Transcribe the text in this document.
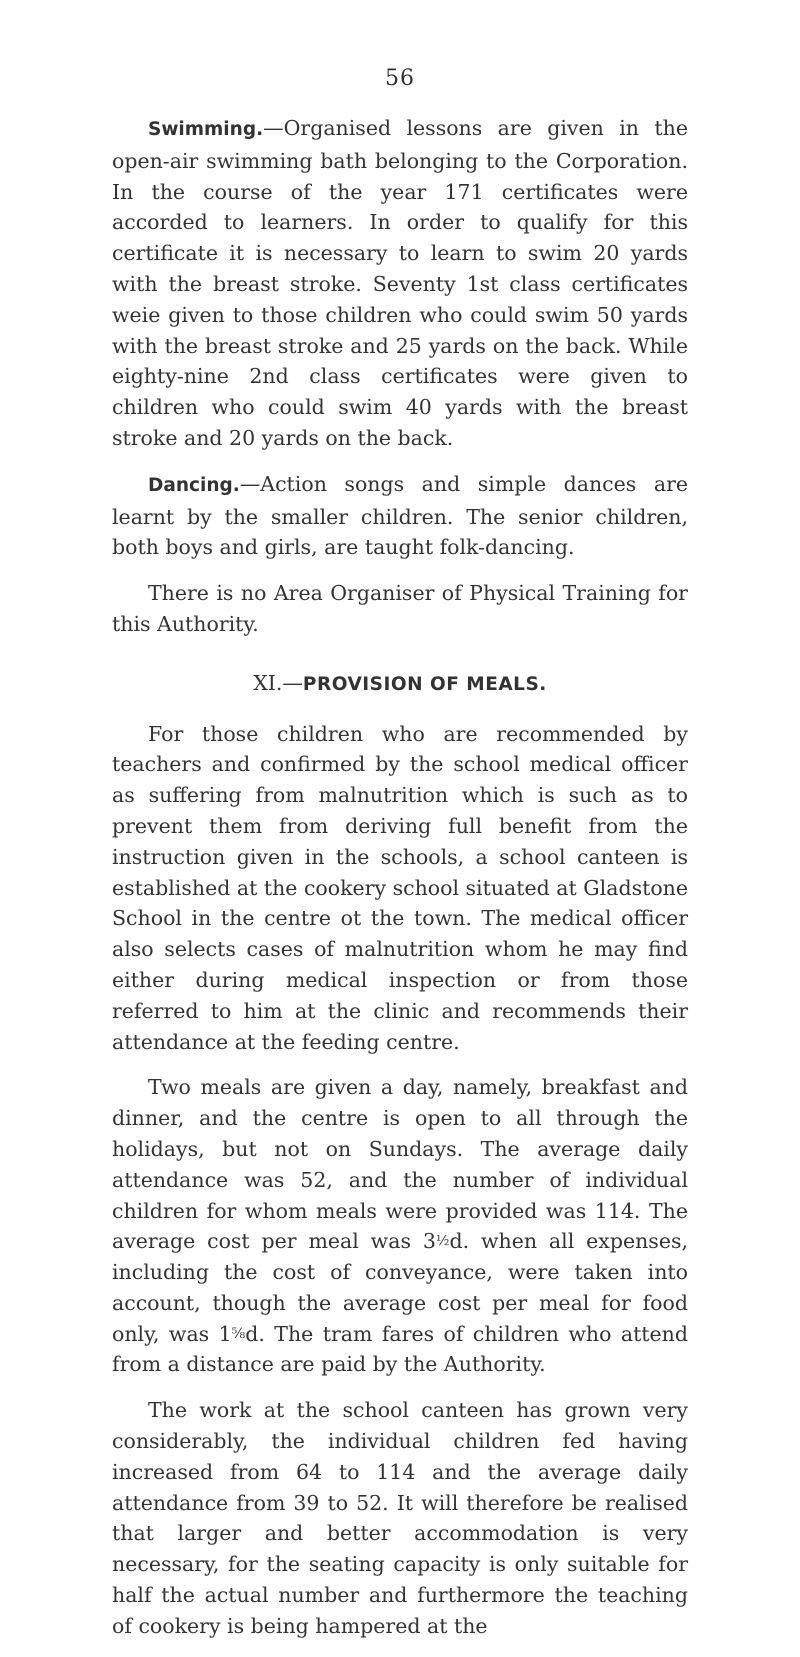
56

Swimming.—Organised lessons are given in the open-air swimming bath belonging to the Corporation. In the course of the year 171 certificates were accorded to learners. In order to qualify for this certificate it is necessary to learn to swim 20 yards with the breast stroke. Seventy 1st class certificates weie given to those children who could swim 50 yards with the breast stroke and 25 yards on the back. While eighty-nine 2nd class certificates were given to children who could swim 40 yards with the breast stroke and 20 yards on the back.

Dancing.—Action songs and simple dances are learnt by the smaller children. The senior children, both boys and girls, are taught folk-dancing.

There is no Area Organiser of Physical Training for this Authority.

XI.—PROVISION OF MEALS.

For those children who are recommended by teachers and confirmed by the school medical officer as suffering from malnutrition which is such as to prevent them from deriving full benefit from the instruction given in the schools, a school canteen is established at the cookery school situated at Gladstone School in the centre ot the town. The medical officer also selects cases of malnutrition whom he may find either during medical inspection or from those referred to him at the clinic and recommends their attendance at the feeding centre.

Two meals are given a day, namely, breakfast and dinner, and the centre is open to all through the holidays, but not on Sundays. The average daily attendance was 52, and the number of individual children for whom meals were provided was 114. The average cost per meal was 3½d. when all expenses, including the cost of conveyance, were taken into account, though the average cost per meal for food only, was 1⅝d. The tram fares of children who attend from a distance are paid by the Authority.

The work at the school canteen has grown very considerably, the individual children fed having increased from 64 to 114 and the average daily attendance from 39 to 52. It will therefore be realised that larger and better accommodation is very necessary, for the seating capacity is only suitable for half the actual number and furthermore the teaching of cookery is being hampered at the
